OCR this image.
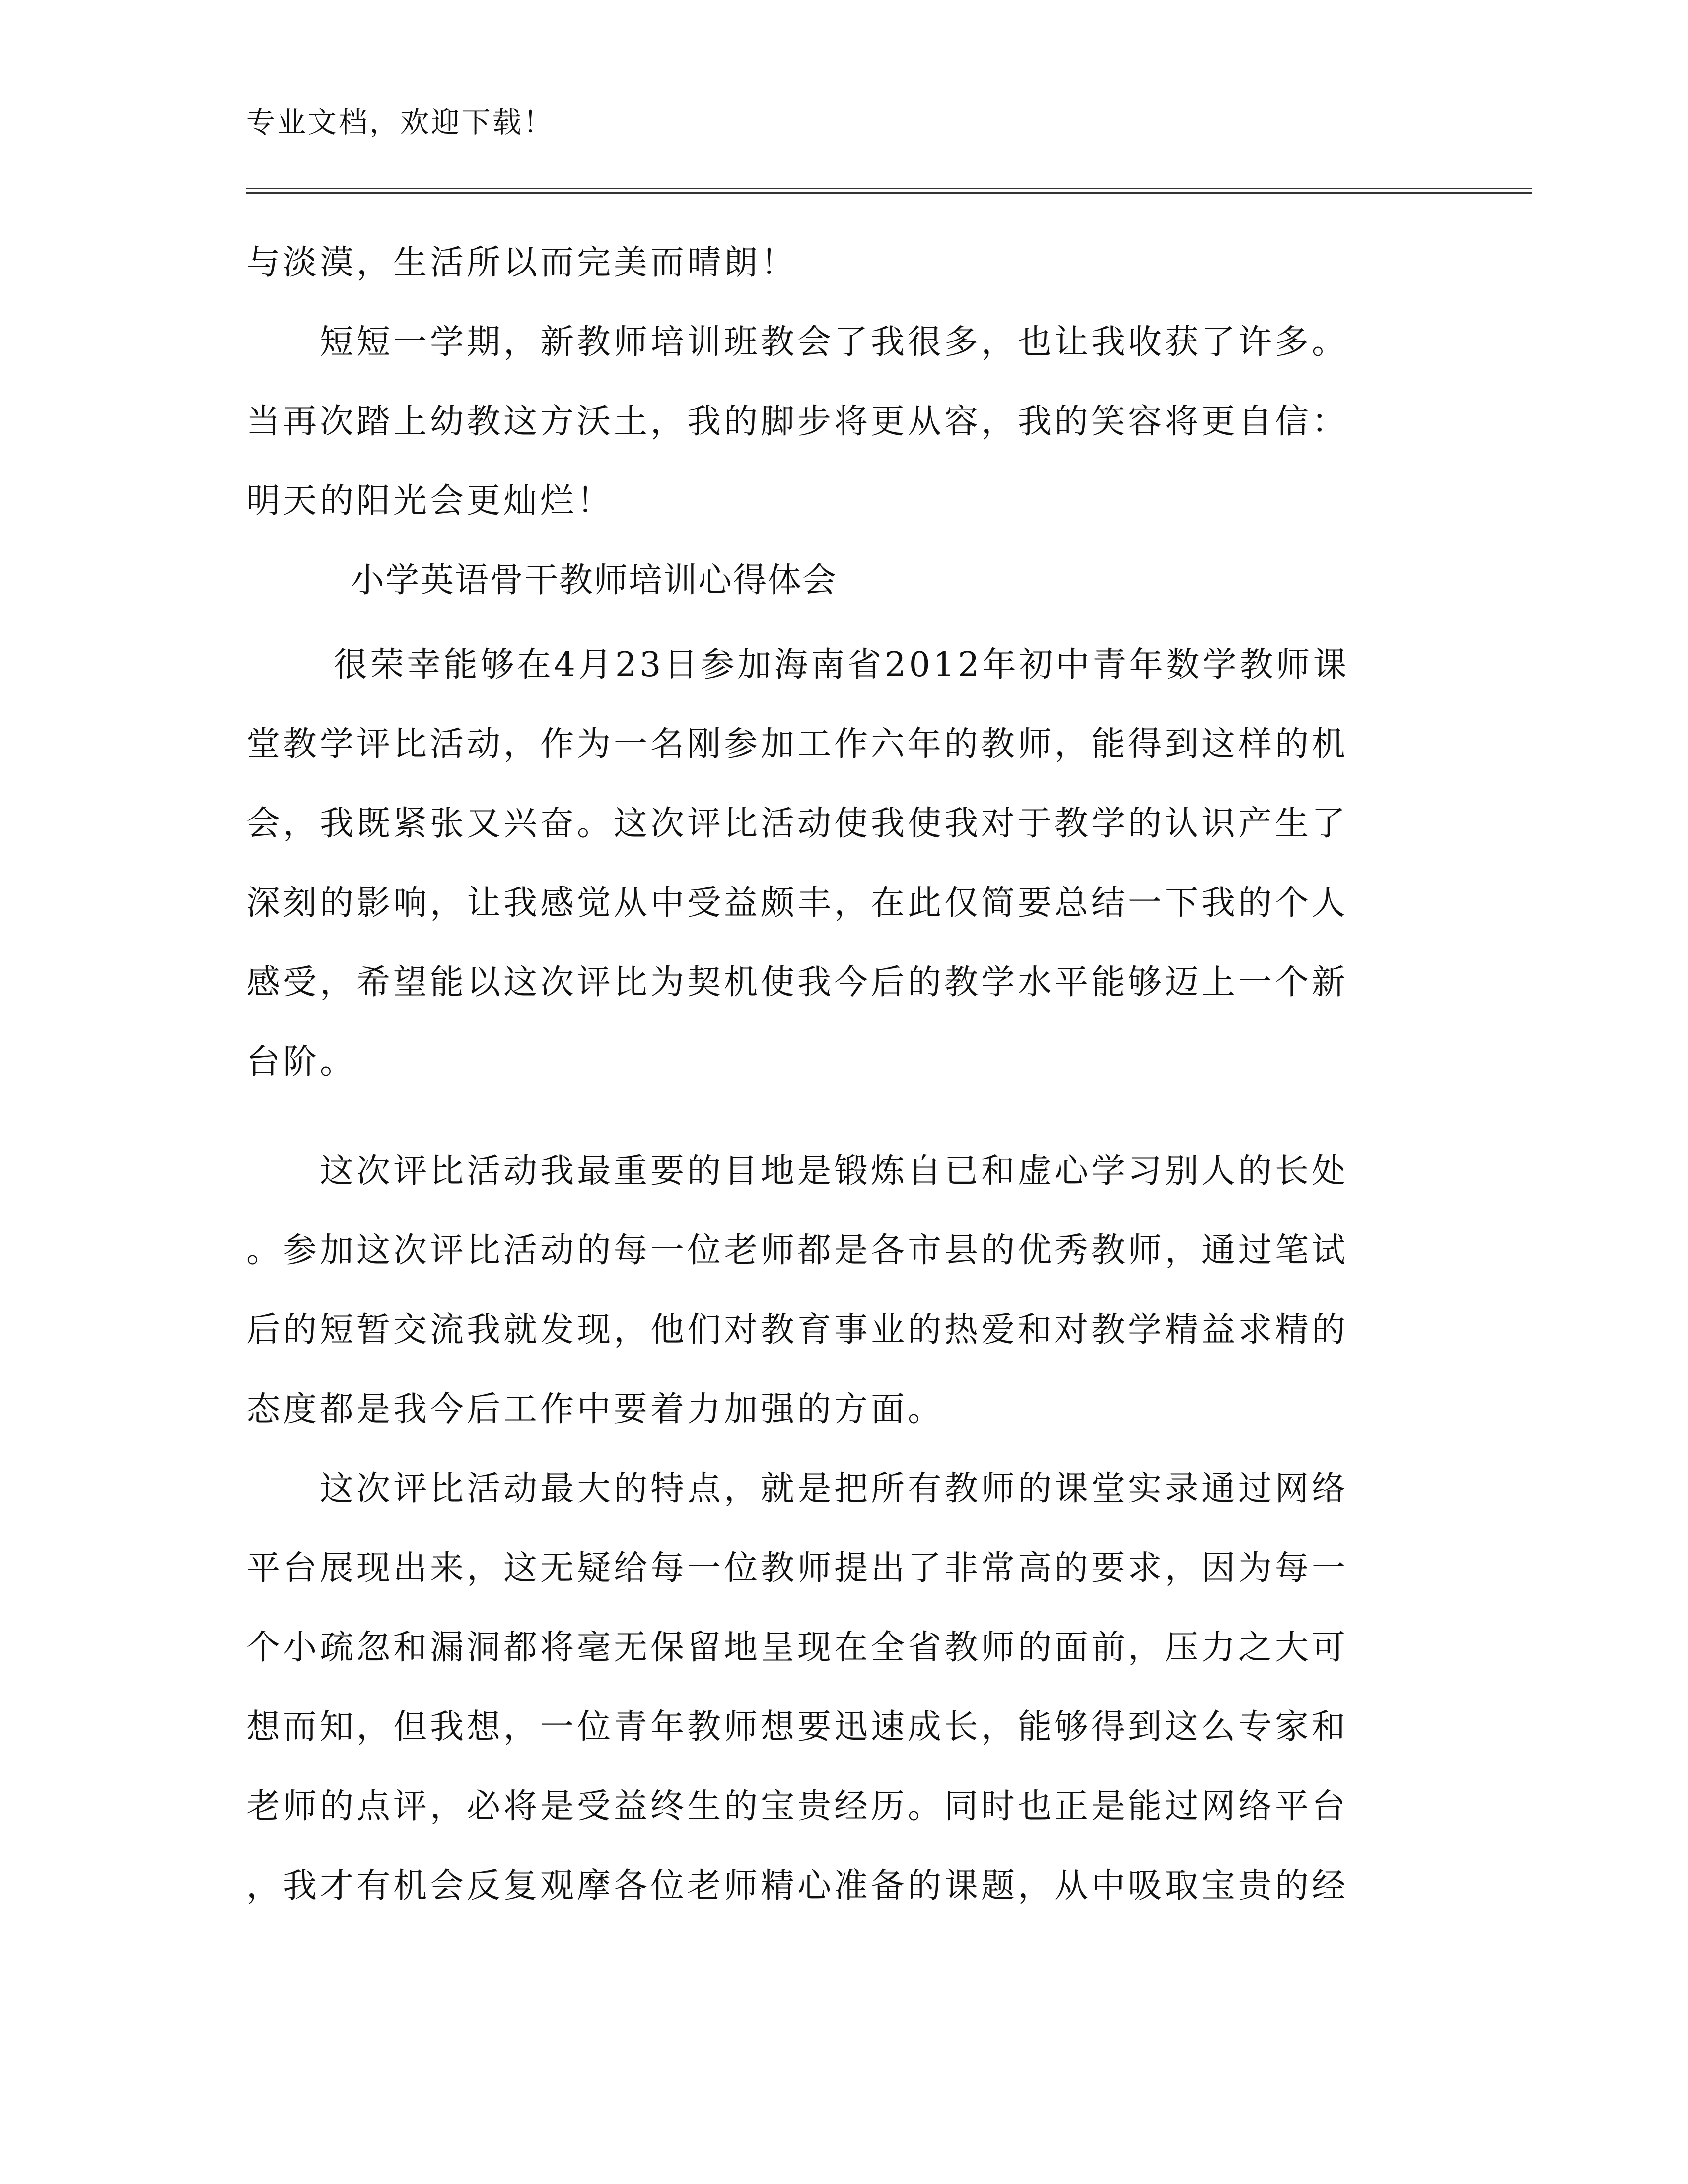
专业文档，欢迎下载！
与淡漠，生活所以而完美而晴朗！
　　短短一学期，新教师培训班教会了我很多，也让我收获了许多。
当再次踏上幼教这方沃土，我的脚步将更从容，我的笑容将更自信：
明天的阳光会更灿烂！
　　　小学英语骨干教师培训心得体会
　　 很荣幸能够在4月23日参加海南省2012年初中青年数学教师课
堂教学评比活动，作为一名刚参加工作六年的教师，能得到这样的机
会，我既紧张又兴奋。这次评比活动使我使我对于教学的认识产生了
深刻的影响，让我感觉从中受益颇丰，在此仅简要总结一下我的个人
感受，希望能以这次评比为契机使我今后的教学水平能够迈上一个新
台阶。
　　这次评比活动我最重要的目地是锻炼自已和虚心学习别人的长处
。参加这次评比活动的每一位老师都是各市县的优秀教师，通过笔试
后的短暂交流我就发现，他们对教育事业的热爱和对教学精益求精的
态度都是我今后工作中要着力加强的方面。
　　这次评比活动最大的特点，就是把所有教师的课堂实录通过网络
平台展现出来，这无疑给每一位教师提出了非常高的要求，因为每一
个小疏忽和漏洞都将毫无保留地呈现在全省教师的面前，压力之大可
想而知，但我想，一位青年教师想要迅速成长，能够得到这么专家和
老师的点评，必将是受益终生的宝贵经历。同时也正是能过网络平台
，我才有机会反复观摩各位老师精心准备的课题，从中吸取宝贵的经
